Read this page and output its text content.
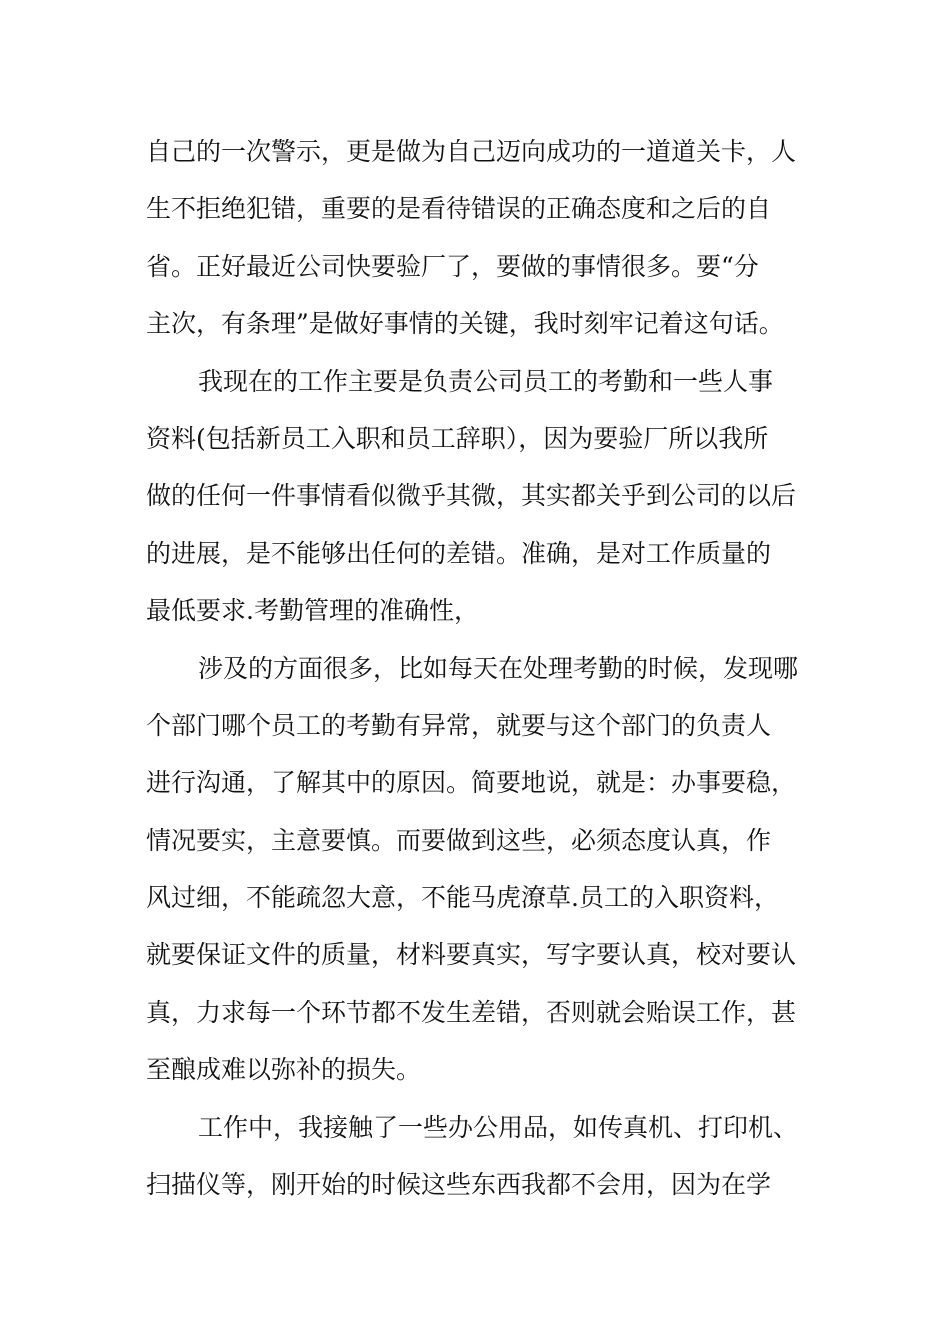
自己的一次警示，更是做为自己迈向成功的一道道关卡，人
生不拒绝犯错，重要的是看待错误的正确态度和之后的自
省。正好最近公司快要验厂了，要做的事情很多。要“分
主次，有条理”是做好事情的关键，我时刻牢记着这句话。
我现在的工作主要是负责公司员工的考勤和一些人事
资料(包括新员工入职和员工辞职），因为要验厂所以我所
做的任何一件事情看似微乎其微，其实都关乎到公司的以后
的进展，是不能够出任何的差错。准确，是对工作质量的
最低要求.考勤管理的准确性，
涉及的方面很多，比如每天在处理考勤的时候，发现哪
个部门哪个员工的考勤有异常，就要与这个部门的负责人
进行沟通，了解其中的原因。简要地说，就是：办事要稳，
情况要实，主意要慎。而要做到这些，必须态度认真，作
风过细，不能疏忽大意，不能马虎潦草.员工的入职资料，
就要保证文件的质量，材料要真实，写字要认真，校对要认
真，力求每一个环节都不发生差错，否则就会贻误工作，甚
至酿成难以弥补的损失。
工作中，我接触了一些办公用品，如传真机、打印机、
扫描仪等，刚开始的时候这些东西我都不会用，因为在学
